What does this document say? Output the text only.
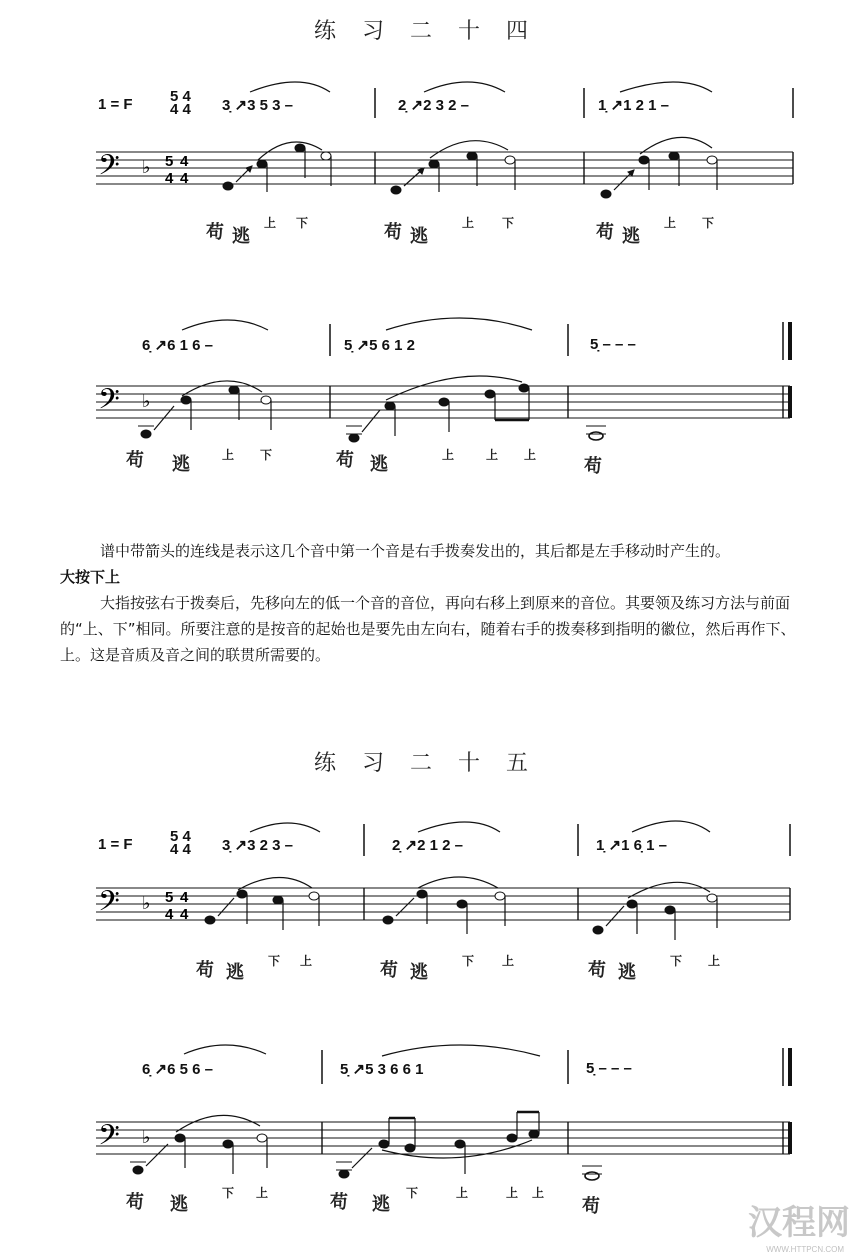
练习二十四
1 = F 5 4
4 4 3̣ ↗3 5 3 –	2̣ ↗2 3 2 –	1̣ ↗1 2 1 –
𝄢 ♭ 5
4
4
4
苟 逃
上 下	苟 逃
上 下	苟 逃
上 下
6̣ ↗6 1 6 –	5̣ ↗5 6 1 2	5̣ – – –
𝄢 ♭
苟 逃	上 下	苟 逃	上	上 上
苟

谱中带箭头的连线是表示这几个音中第一个音是右手拨奏发出的，其后都是左手移动时产生的。

大按下上

大指按弦右于拨奏后，先移向左的低一个音的音位，再向右移上到原来的音位。其要领及练习方法与前面的“上、下”相同。所要注意的是按音的起始也是要先由左向右，随着右手的拨奏移到指明的徽位，然后再作下、上。这是音质及音之间的联贯所需要的。

练习二十五
1 = F 5 4
4 4 3̣ ↗3 2 3 –	2̣ ↗2 1 2 –	1̣ ↗1 6̣ 1 –
𝄢 ♭ 5
4
4
4
苟 逃
下 上	苟 逃
下 上	苟 逃
下 上
6̣ ↗6 5 6 –	5̣ ↗5 3 6 6 1	5̣ – – –
𝄢 ♭
苟 逃
下 上	苟 逃
下	上	上 上
苟	汉程网
WWW.HTTPCN.COM
